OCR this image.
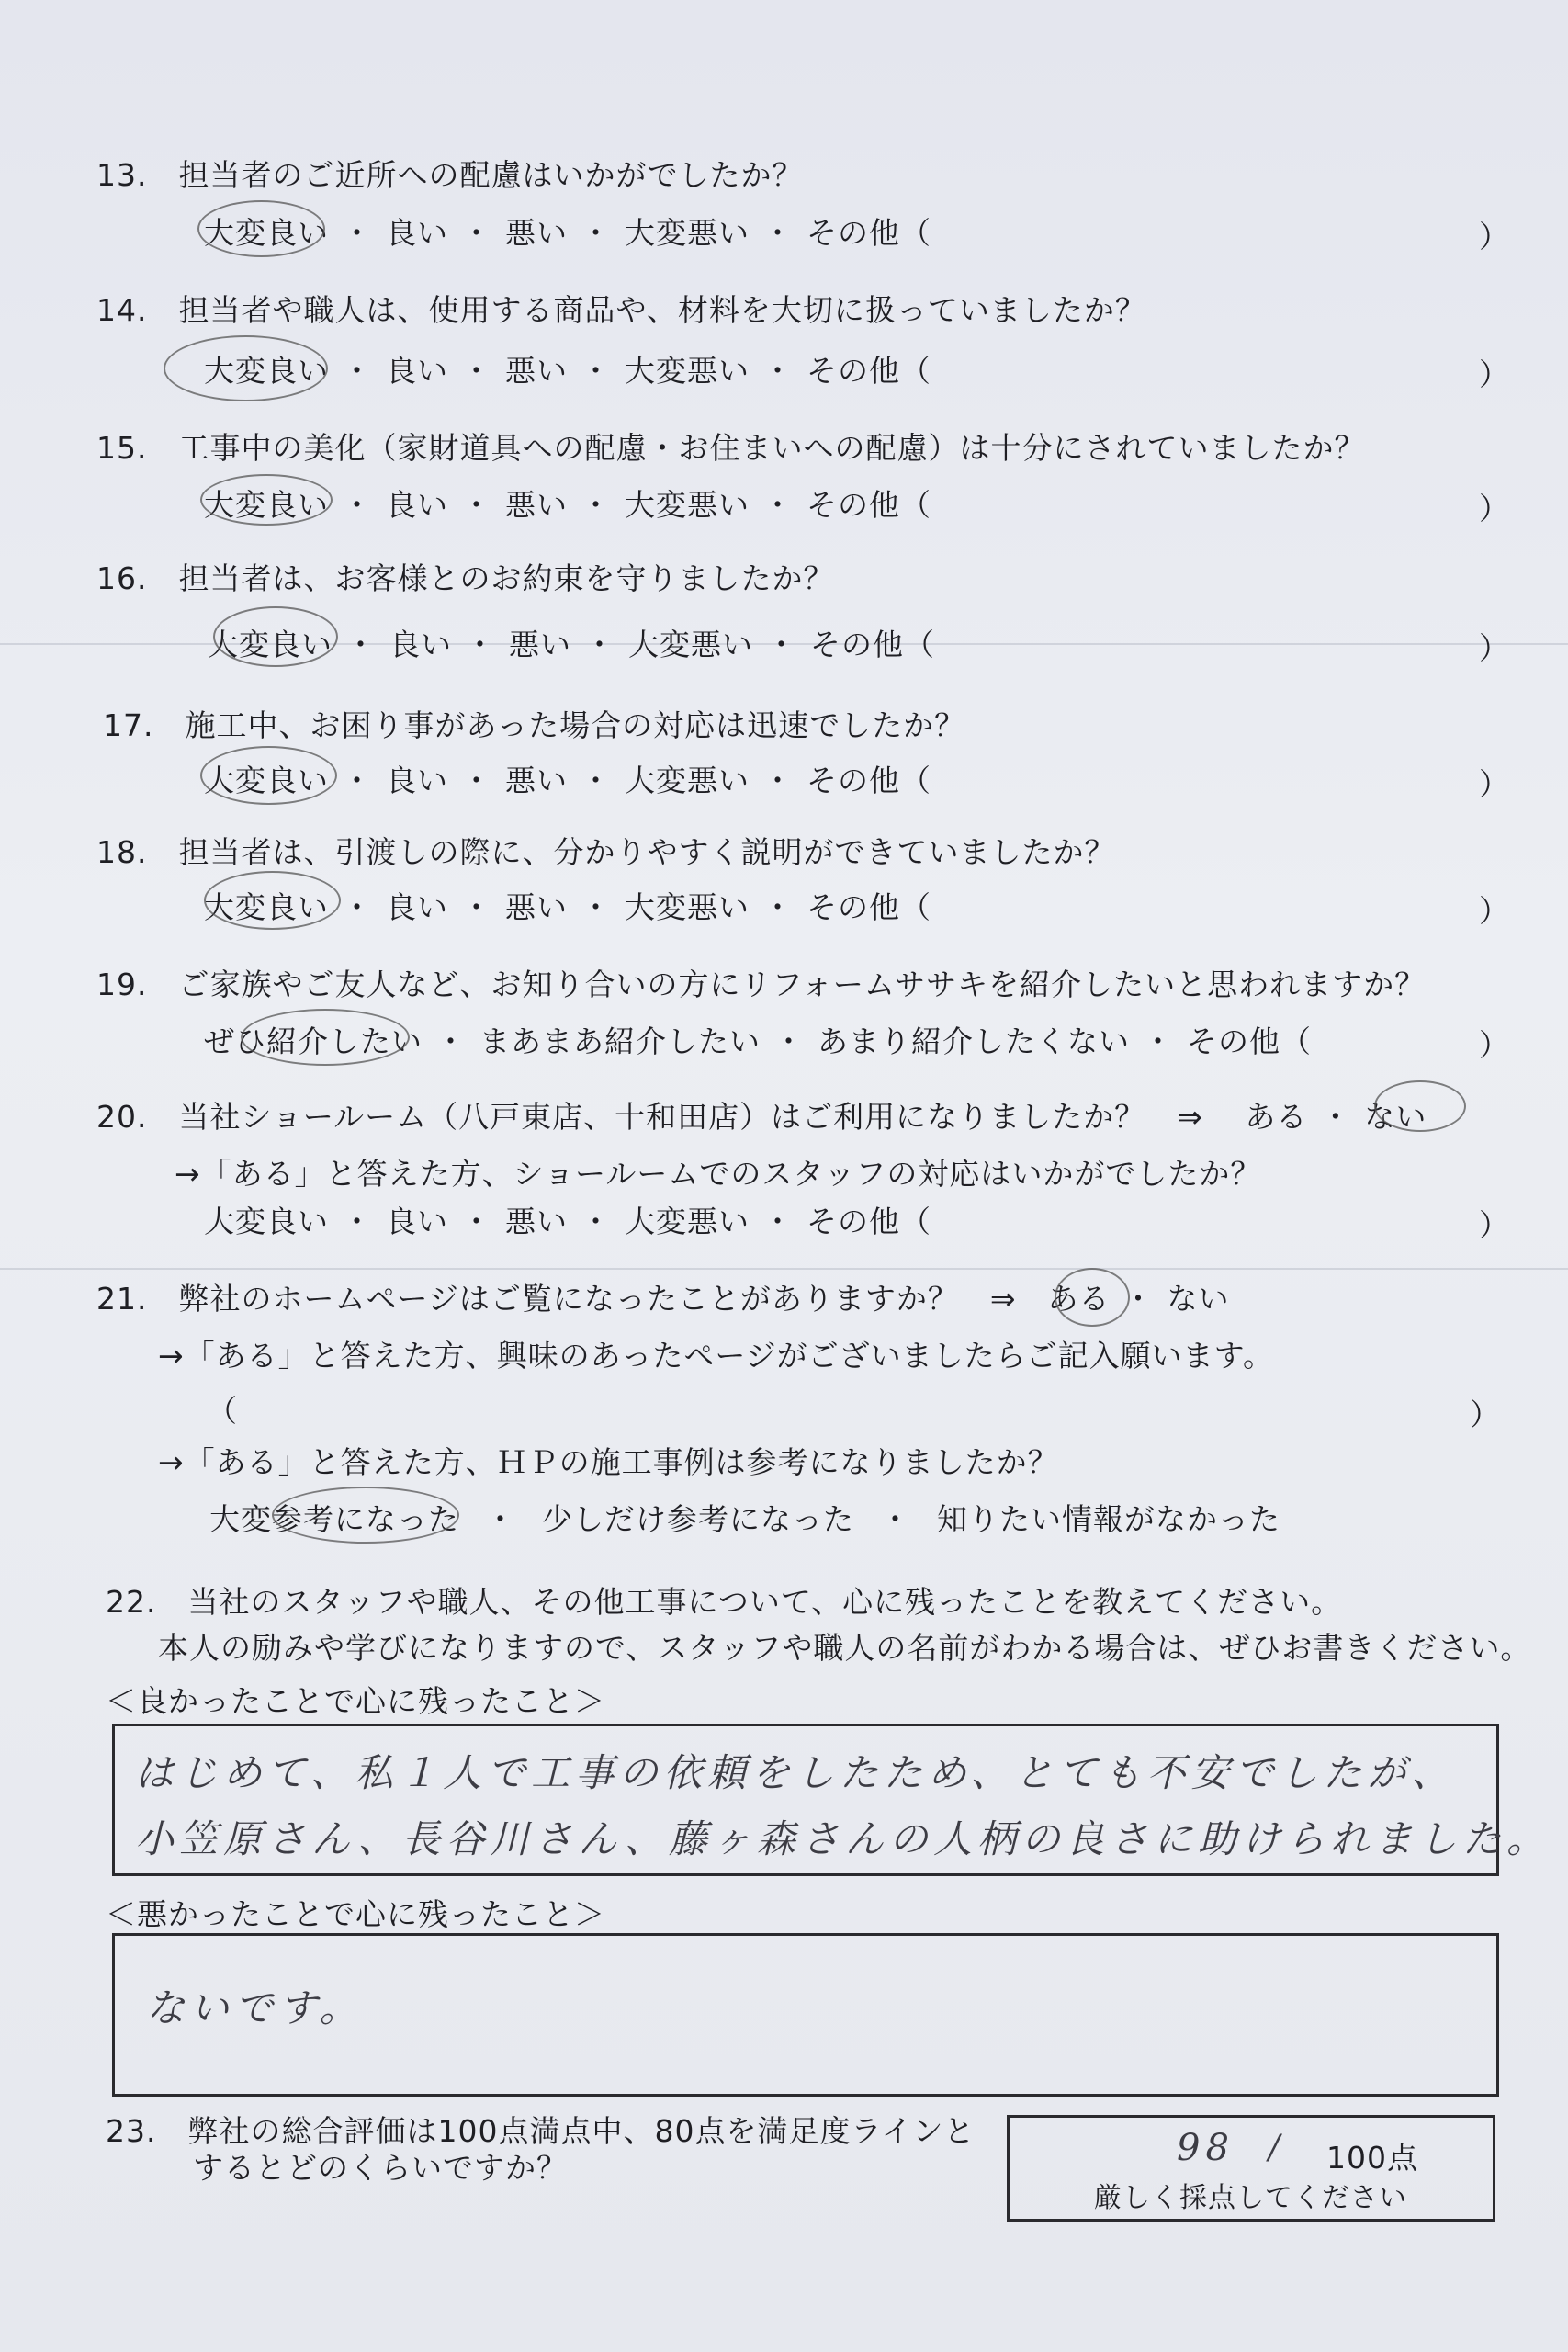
13.　 担当者のご近所への配慮はいかがでしたか？
大変良い ・ 良い ・ 悪い ・ 大変悪い ・ その他（	）
14.　 担当者や職人は、使用する商品や、材料を大切に扱っていましたか？
大変良い ・ 良い ・ 悪い ・ 大変悪い ・ その他（	）
15.　 工事中の美化（家財道具への配慮・お住まいへの配慮）は十分にされていましたか？
大変良い ・ 良い ・ 悪い ・ 大変悪い ・ その他（	）
16.　 担当者は、お客様とのお約束を守りましたか？
大変良い ・ 良い ・ 悪い ・ 大変悪い ・ その他（	）
17.　 施工中、お困り事があった場合の対応は迅速でしたか？
大変良い ・ 良い ・ 悪い ・ 大変悪い ・ その他（	）
18.　 担当者は、引渡しの際に、分かりやすく説明ができていましたか？
大変良い ・ 良い ・ 悪い ・ 大変悪い ・ その他（	）
19.　 ご家族やご友人など、お知り合いの方にリフォームササキを紹介したいと思われますか？
ぜひ紹介したい ・ まあまあ紹介したい ・ あまり紹介したくない ・ その他（	）
20.　 当社ショールーム（八戸東店、十和田店）はご利用になりましたか？　 ⇒　 ある ・ ない
→「ある」と答えた方、ショールームでのスタッフの対応はいかがでしたか？
大変良い ・ 良い ・ 悪い ・ 大変悪い ・ その他（	）
21.　 弊社のホームページはご覧になったことがありますか？　 ⇒　 ある ・ ない
→「ある」と答えた方、興味のあったページがございましたらご記入願います。
（	）
→「ある」と答えた方、ＨＰの施工事例は参考になりましたか？
大変参考になった ・ 少しだけ参考になった ・ 知りたい情報がなかった
22.　 当社のスタッフや職人、その他工事について、心に残ったことを教えてください。
本人の励みや学びになりますので、スタッフや職人の名前がわかる場合は、ぜひお書きください。
＜良かったことで心に残ったこと＞
はじめて、私１人で工事の依頼をしたため、とても不安でしたが、
小笠原さん、長谷川さん、藤ヶ森さんの人柄の良さに助けられました。
＜悪かったことで心に残ったこと＞
ないです。
23.　 弊社の総合評価は100点満点中、80点を満足度ラインと
するとどのくらいですか？	98 / 100点
厳しく採点してください
